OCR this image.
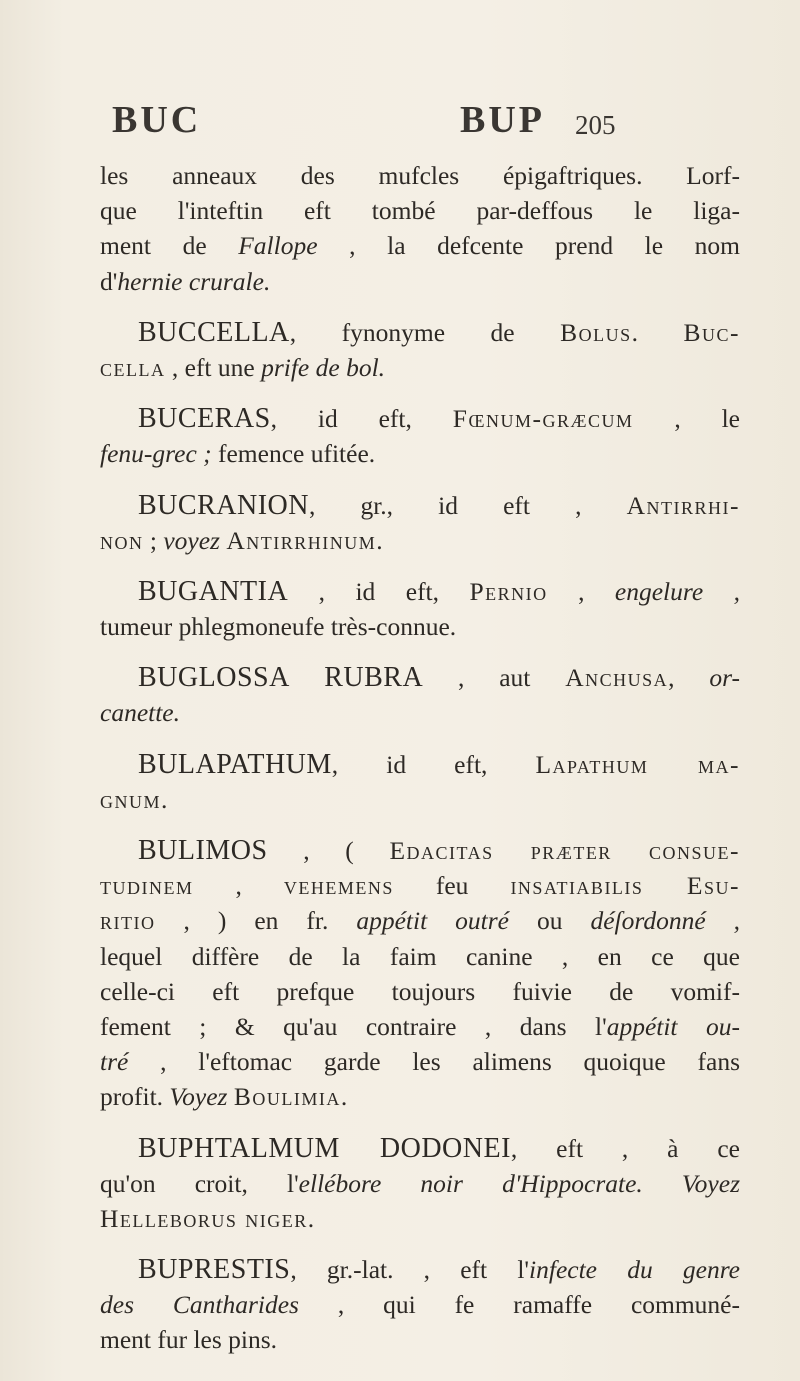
BUC	BUP 205
les anneaux des mufcles épigaftriques. Lorf-
que l'inteftin eft tombé par-deffous le liga-
ment de Fallope , la defcente prend le nom
d'hernie crurale.
BUCCELLA, fynonyme de Bolus. Buc-
cella , eft une prife de bol.
BUCERAS, id eft, Fœnum-græcum , le
fenu-grec ; femence ufitée.
BUCRANION, gr., id eft , Antirrhi-
non ; voyez Antirrhinum.
BUGANTIA , id eft, Pernio , engelure ,
tumeur phlegmoneufe très-connue.
BUGLOSSA RUBRA , aut Anchusa, or-
canette.
BULAPATHUM, id eft, Lapathum ma-
gnum.
BULIMOS , ( Edacitas præter consue-
tudinem , vehemens feu insatiabilis Esu-
ritio , ) en fr. appétit outré ou déſordonné ,
lequel diffère de la faim canine , en ce que
celle-ci eft prefque toujours fuivie de vomif-
fement ; & qu'au contraire , dans l'appétit ou-
tré , l'eftomac garde les alimens quoique fans
profit. Voyez Boulimia.
BUPHTALMUM DODONEI, eft , à ce
qu'on croit, l'ellébore noir d'Hippocrate. Voyez
Helleborus niger.
BUPRESTIS, gr.-lat. , eft l'infecte du genre
des Cantharides , qui fe ramaffe communé-
ment fur les pins.
